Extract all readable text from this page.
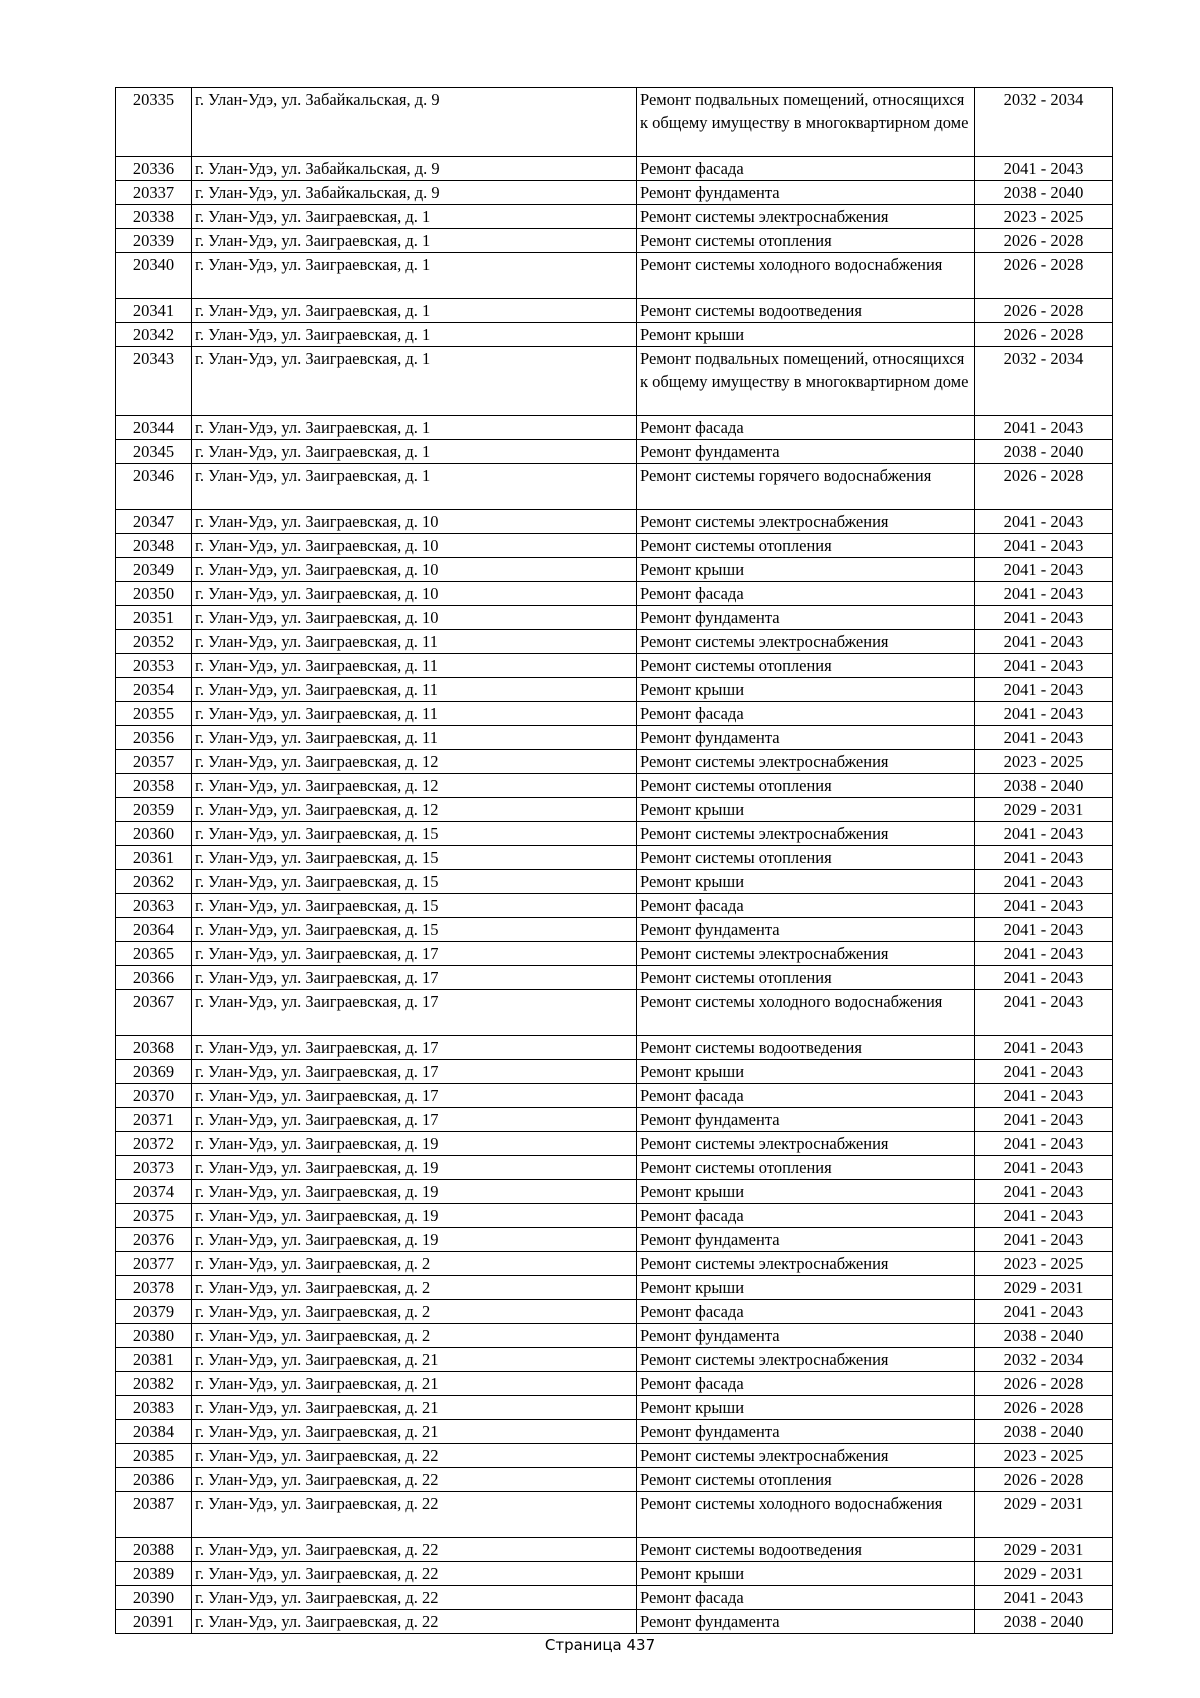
20335	г. Улан-Удэ, ул. Забайкальская, д. 9	Ремонт подвальных помещений, относящихся к общему имуществу в многоквартирном доме	2032 - 2034
20336	г. Улан-Удэ, ул. Забайкальская, д. 9	Ремонт фасада	2041 - 2043
20337	г. Улан-Удэ, ул. Забайкальская, д. 9	Ремонт фундамента	2038 - 2040
20338	г. Улан-Удэ, ул. Заиграевская, д. 1	Ремонт системы электроснабжения	2023 - 2025
20339	г. Улан-Удэ, ул. Заиграевская, д. 1	Ремонт системы отопления	2026 - 2028
20340	г. Улан-Удэ, ул. Заиграевская, д. 1	Ремонт системы холодного водоснабжения	2026 - 2028
20341	г. Улан-Удэ, ул. Заиграевская, д. 1	Ремонт системы водоотведения	2026 - 2028
20342	г. Улан-Удэ, ул. Заиграевская, д. 1	Ремонт крыши	2026 - 2028
20343	г. Улан-Удэ, ул. Заиграевская, д. 1	Ремонт подвальных помещений, относящихся к общему имуществу в многоквартирном доме	2032 - 2034
20344	г. Улан-Удэ, ул. Заиграевская, д. 1	Ремонт фасада	2041 - 2043
20345	г. Улан-Удэ, ул. Заиграевская, д. 1	Ремонт фундамента	2038 - 2040
20346	г. Улан-Удэ, ул. Заиграевская, д. 1	Ремонт системы горячего водоснабжения	2026 - 2028
20347	г. Улан-Удэ, ул. Заиграевская, д. 10	Ремонт системы электроснабжения	2041 - 2043
20348	г. Улан-Удэ, ул. Заиграевская, д. 10	Ремонт системы отопления	2041 - 2043
20349	г. Улан-Удэ, ул. Заиграевская, д. 10	Ремонт крыши	2041 - 2043
20350	г. Улан-Удэ, ул. Заиграевская, д. 10	Ремонт фасада	2041 - 2043
20351	г. Улан-Удэ, ул. Заиграевская, д. 10	Ремонт фундамента	2041 - 2043
20352	г. Улан-Удэ, ул. Заиграевская, д. 11	Ремонт системы электроснабжения	2041 - 2043
20353	г. Улан-Удэ, ул. Заиграевская, д. 11	Ремонт системы отопления	2041 - 2043
20354	г. Улан-Удэ, ул. Заиграевская, д. 11	Ремонт крыши	2041 - 2043
20355	г. Улан-Удэ, ул. Заиграевская, д. 11	Ремонт фасада	2041 - 2043
20356	г. Улан-Удэ, ул. Заиграевская, д. 11	Ремонт фундамента	2041 - 2043
20357	г. Улан-Удэ, ул. Заиграевская, д. 12	Ремонт системы электроснабжения	2023 - 2025
20358	г. Улан-Удэ, ул. Заиграевская, д. 12	Ремонт системы отопления	2038 - 2040
20359	г. Улан-Удэ, ул. Заиграевская, д. 12	Ремонт крыши	2029 - 2031
20360	г. Улан-Удэ, ул. Заиграевская, д. 15	Ремонт системы электроснабжения	2041 - 2043
20361	г. Улан-Удэ, ул. Заиграевская, д. 15	Ремонт системы отопления	2041 - 2043
20362	г. Улан-Удэ, ул. Заиграевская, д. 15	Ремонт крыши	2041 - 2043
20363	г. Улан-Удэ, ул. Заиграевская, д. 15	Ремонт фасада	2041 - 2043
20364	г. Улан-Удэ, ул. Заиграевская, д. 15	Ремонт фундамента	2041 - 2043
20365	г. Улан-Удэ, ул. Заиграевская, д. 17	Ремонт системы электроснабжения	2041 - 2043
20366	г. Улан-Удэ, ул. Заиграевская, д. 17	Ремонт системы отопления	2041 - 2043
20367	г. Улан-Удэ, ул. Заиграевская, д. 17	Ремонт системы холодного водоснабжения	2041 - 2043
20368	г. Улан-Удэ, ул. Заиграевская, д. 17	Ремонт системы водоотведения	2041 - 2043
20369	г. Улан-Удэ, ул. Заиграевская, д. 17	Ремонт крыши	2041 - 2043
20370	г. Улан-Удэ, ул. Заиграевская, д. 17	Ремонт фасада	2041 - 2043
20371	г. Улан-Удэ, ул. Заиграевская, д. 17	Ремонт фундамента	2041 - 2043
20372	г. Улан-Удэ, ул. Заиграевская, д. 19	Ремонт системы электроснабжения	2041 - 2043
20373	г. Улан-Удэ, ул. Заиграевская, д. 19	Ремонт системы отопления	2041 - 2043
20374	г. Улан-Удэ, ул. Заиграевская, д. 19	Ремонт крыши	2041 - 2043
20375	г. Улан-Удэ, ул. Заиграевская, д. 19	Ремонт фасада	2041 - 2043
20376	г. Улан-Удэ, ул. Заиграевская, д. 19	Ремонт фундамента	2041 - 2043
20377	г. Улан-Удэ, ул. Заиграевская, д. 2	Ремонт системы электроснабжения	2023 - 2025
20378	г. Улан-Удэ, ул. Заиграевская, д. 2	Ремонт крыши	2029 - 2031
20379	г. Улан-Удэ, ул. Заиграевская, д. 2	Ремонт фасада	2041 - 2043
20380	г. Улан-Удэ, ул. Заиграевская, д. 2	Ремонт фундамента	2038 - 2040
20381	г. Улан-Удэ, ул. Заиграевская, д. 21	Ремонт системы электроснабжения	2032 - 2034
20382	г. Улан-Удэ, ул. Заиграевская, д. 21	Ремонт фасада	2026 - 2028
20383	г. Улан-Удэ, ул. Заиграевская, д. 21	Ремонт крыши	2026 - 2028
20384	г. Улан-Удэ, ул. Заиграевская, д. 21	Ремонт фундамента	2038 - 2040
20385	г. Улан-Удэ, ул. Заиграевская, д. 22	Ремонт системы электроснабжения	2023 - 2025
20386	г. Улан-Удэ, ул. Заиграевская, д. 22	Ремонт системы отопления	2026 - 2028
20387	г. Улан-Удэ, ул. Заиграевская, д. 22	Ремонт системы холодного водоснабжения	2029 - 2031
20388	г. Улан-Удэ, ул. Заиграевская, д. 22	Ремонт системы водоотведения	2029 - 2031
20389	г. Улан-Удэ, ул. Заиграевская, д. 22	Ремонт крыши	2029 - 2031
20390	г. Улан-Удэ, ул. Заиграевская, д. 22	Ремонт фасада	2041 - 2043
20391	г. Улан-Удэ, ул. Заиграевская, д. 22	Ремонт фундамента	2038 - 2040
Страница 437
